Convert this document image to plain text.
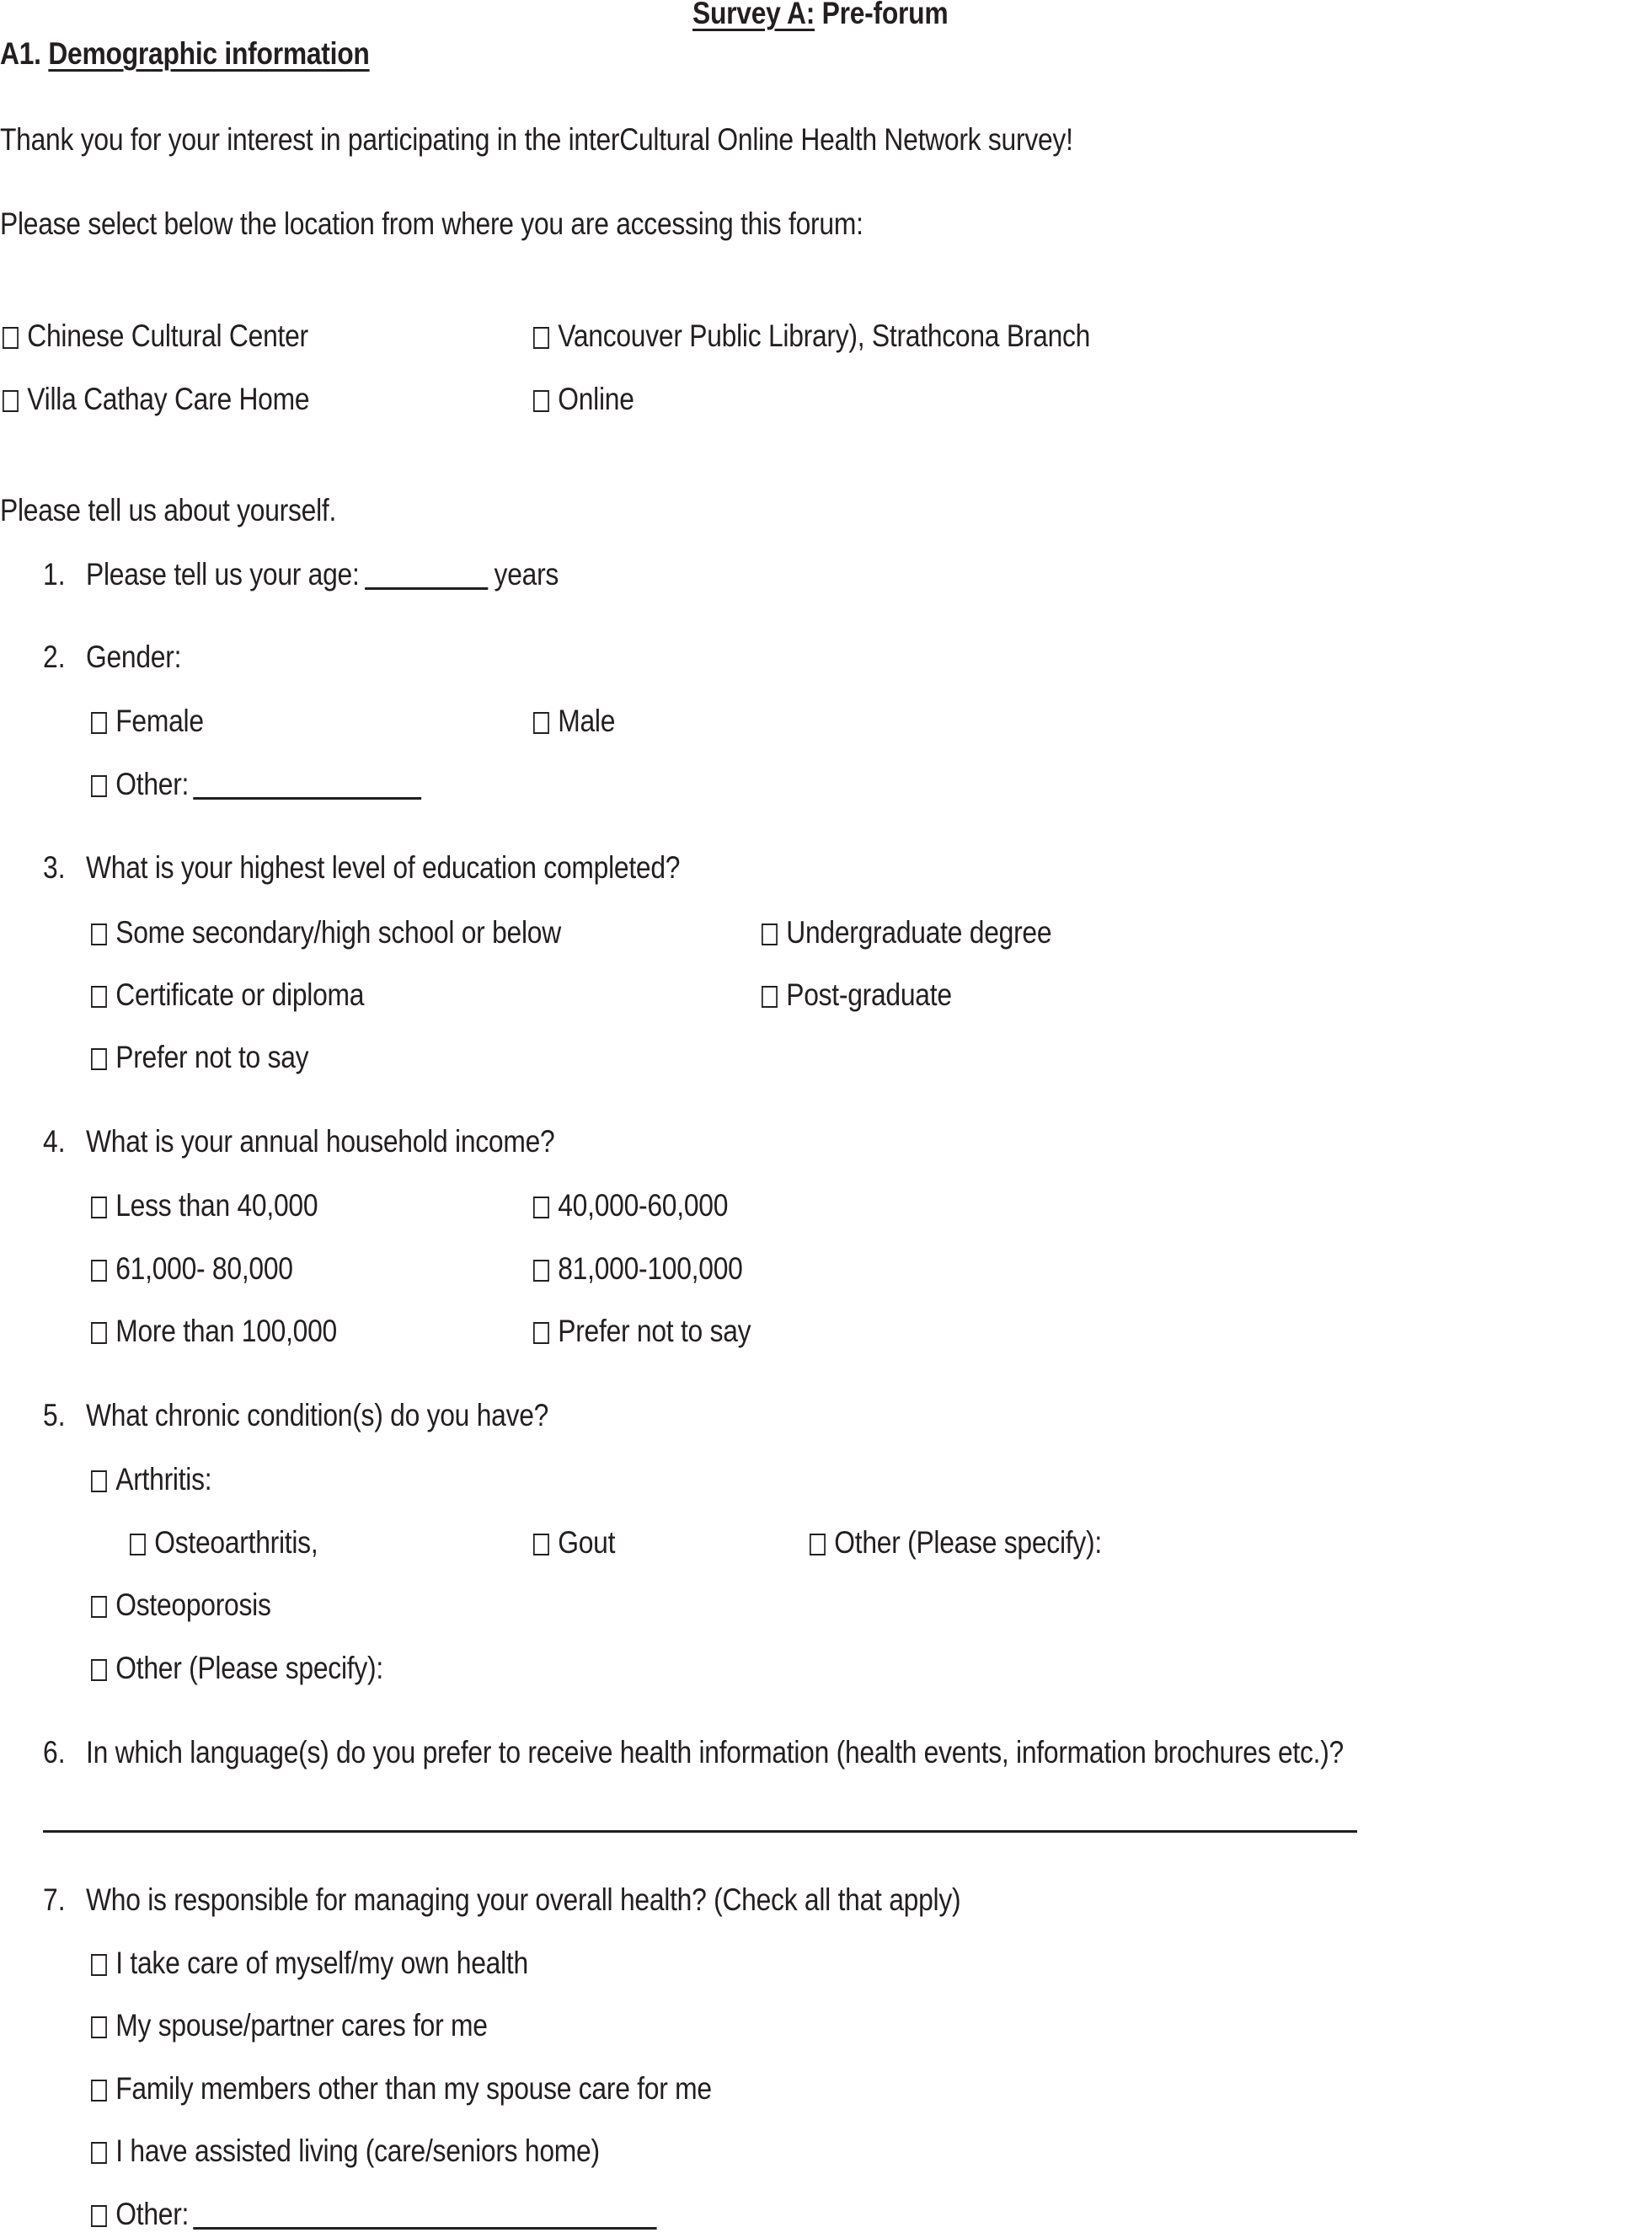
Survey A: Pre-forum
A1. Demographic information
Thank you for your interest in participating in the interCultural Online Health Network survey!
Please select below the location from where you are accessing this forum:
Chinese Cultural Center	Vancouver Public Library), Strathcona Branch
Villa Cathay Care Home	Online
Please tell us about yourself.
1. Please tell us your age:	years
2. Gender:
Female	Male
Other:
3. What is your highest level of education completed?
Some secondary/high school or below	Undergraduate degree
Certificate or diploma	Post-graduate
Prefer not to say
4. What is your annual household income?
Less than 40,000	40,000-60,000
61,000- 80,000	81,000-100,000
More than 100,000	Prefer not to say
5. What chronic condition(s) do you have?
Arthritis:
Osteoarthritis,	Gout	Other (Please specify):
Osteoporosis
Other (Please specify):
6. In which language(s) do you prefer to receive health information (health events, information brochures etc.)?
7. Who is responsible for managing your overall health? (Check all that apply)
I take care of myself/my own health
My spouse/partner cares for me
Family members other than my spouse care for me
I have assisted living (care/seniors home)
Other:
